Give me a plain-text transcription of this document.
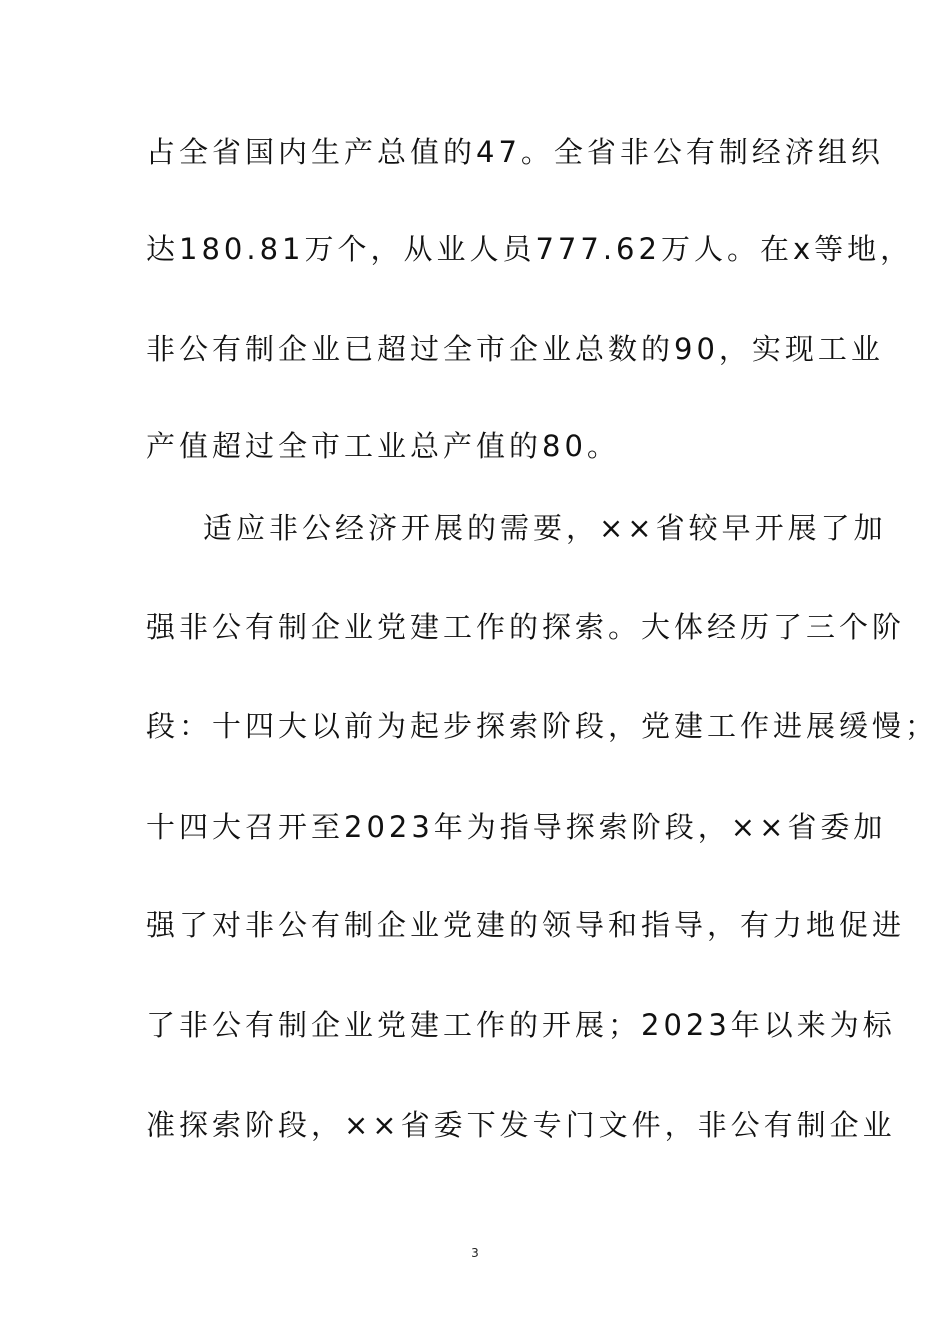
占全省国内生产总值的47。全省非公有制经济组织
达180.81万个，从业人员777.62万人。在x等地，
非公有制企业已超过全市企业总数的90，实现工业
产值超过全市工业总产值的80。
适应非公经济开展的需要，××省较早开展了加
强非公有制企业党建工作的探索。大体经历了三个阶
段：十四大以前为起步探索阶段，党建工作进展缓慢；
十四大召开至2023年为指导探索阶段，××省委加
强了对非公有制企业党建的领导和指导，有力地促进
了非公有制企业党建工作的开展；2023年以来为标
准探索阶段，××省委下发专门文件，非公有制企业
3
